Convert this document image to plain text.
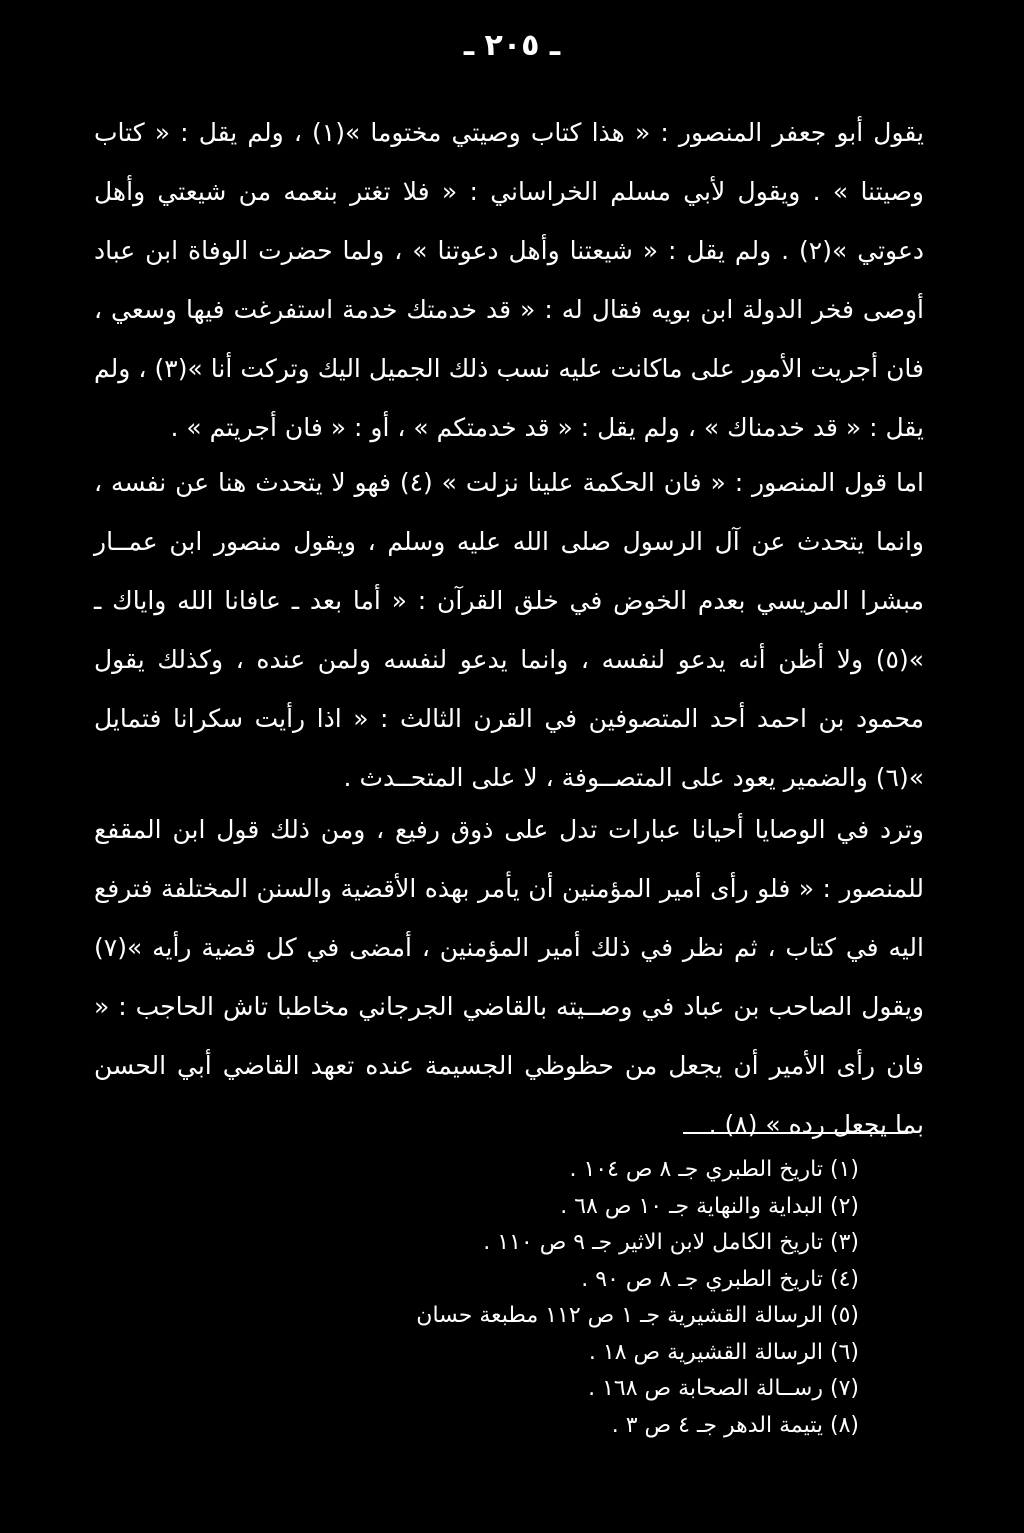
ـ ٢٠٥ ـ

يقول أبو جعفر المنصور : « هذا كتاب وصيتي مختوما »(١) ، ولم يقل : « كتاب وصيتنا » . ويقول لأبي مسلم الخراساني : « فلا تغتر بنعمه من شيعتي وأهل دعوتي »(٢) . ولم يقل : « شيعتنا وأهل دعوتنا » ، ولما حضرت الوفاة ابن عباد أوصى فخر الدولة ابن بويه فقال له : « قد خدمتك خدمة استفرغت فيها وسعي ، فان أجريت الأمور على ماكانت عليه نسب ذلك الجميل اليك وتركت أنا »(٣) ، ولم يقل : « قد خدمناك » ، ولم يقل : « قد خدمتكم » ، أو : « فان أجريتم » .

اما قول المنصور : « فان الحكمة علينا نزلت » (٤) فهو لا يتحدث هنا عن نفسه ، وانما يتحدث عن آل الرسول صلى الله عليه وسلم ، ويقول منصور ابن عمــار مبشرا المريسي بعدم الخوض في خلق القرآن : « أما بعد ـ عافانا الله واياك ـ »(٥) ولا أظن أنه يدعو لنفسه ، وانما يدعو لنفسه ولمن عنده ، وكذلك يقول محمود بن احمد أحد المتصوفين في القرن الثالث : « اذا رأيت سكرانا فتمايل »(٦) والضمير يعود على المتصــوفة ، لا على المتحــدث .

وترد في الوصايا أحيانا عبارات تدل على ذوق رفيع ، ومن ذلك قول ابن المقفع للمنصور : « فلو رأى أمير المؤمنين أن يأمر بهذه الأقضية والسنن المختلفة فترفع اليه في كتاب ، ثم نظر في ذلك أمير المؤمنين ، أمضى في كل قضية رأيه »(٧) ويقول الصاحب بن عباد في وصــيته بالقاضي الجرجاني مخاطبا تاش الحاجب : « فان رأى الأمير أن يجعل من حظوظي الجسيمة عنده تعهد القاضي أبي الحسن بما يجعل رده » (٨) .

(١) تاريخ الطبري جـ ٨ ص ١٠٤ .
(٢) البداية والنهاية جـ ١٠ ص ٦٨ .
(٣) تاريخ الكامل لابن الاثير جـ ٩ ص ١١٠ .
(٤) تاريخ الطبري جـ ٨ ص ٩٠ .
(٥) الرسالة القشيرية جـ ١ ص ١١٢ مطبعة حسان
(٦) الرسالة القشيرية ص ١٨ .
(٧) رســالة الصحابة ص ١٦٨ .
(٨) يتيمة الدهر جـ ٤ ص ٣ .
